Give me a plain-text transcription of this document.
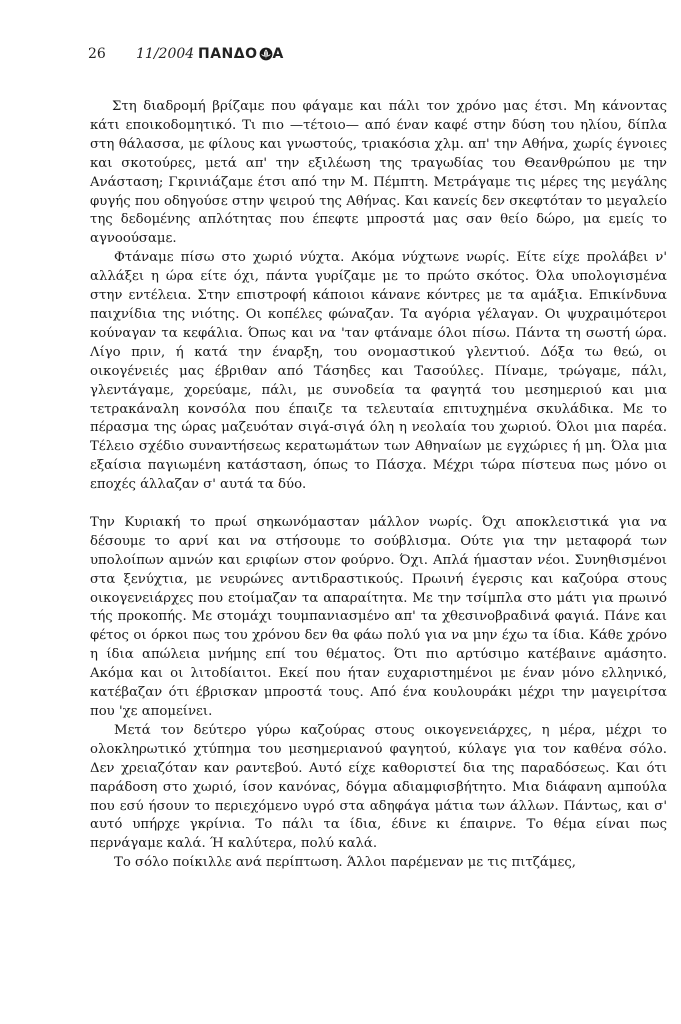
26	11/2004 ΠΑΝΔΟ Α

Στη διαδρομή βρίζαμε που φάγαμε και πάλι τον χρόνο μας έτσι. Μη κάνοντας κάτι εποικοδομητικό. Τι πιο —τέτοιο— από έναν καφέ στην δύση του ηλίου, δίπλα στη θάλασσα, με φίλους και γνωστούς, τριακόσια χλμ. απ' την Αθήνα, χωρίς έγνοιες και σκοτούρες, μετά απ' την εξιλέωση της τραγωδίας του Θεανθρώπου με την Ανάσταση; Γκρινιάζαμε έτσι από την Μ. Πέμπτη. Μετράγαμε τις μέρες της μεγάλης φυγής που οδηγούσε στην ψειρού της Αθήνας. Και κανείς δεν σκεφτόταν το μεγαλείο της δεδομένης απλότητας που έπεφτε μπροστά μας σαν θείο δώρο, μα εμείς το αγνοούσαμε.

Φτάναμε πίσω στο χωριό νύχτα. Ακόμα νύχτωνε νωρίς. Είτε είχε προλάβει ν' αλλάξει η ώρα είτε όχι, πάντα γυρίζαμε με το πρώτο σκότος. Όλα υπολογισμένα στην εντέλεια. Στην επιστροφή κάποιοι κάνανε κόντρες με τα αμάξια. Επικίνδυνα παιχνίδια της νιότης. Οι κοπέλες φώναζαν. Τα αγόρια γέλαγαν. Οι ψυχραιμότεροι κούναγαν τα κεφάλια. Όπως και να 'ταν φτάναμε όλοι πίσω. Πάντα τη σωστή ώρα. Λίγο πριν, ή κατά την έναρξη, του ονομαστικού γλεντιού. Δόξα τω θεώ, οι οικογένειές μας έβριθαν από Τάσηδες και Τασούλες. Πίναμε, τρώγαμε, πάλι, γλεντάγαμε, χορεύαμε, πάλι, με συνοδεία τα φαγητά του μεσημεριού και μια τετρακάναλη κονσόλα που έπαιζε τα τελευταία επιτυχημένα σκυλάδικα. Με το πέρασμα της ώρας μαζευόταν σιγά-σιγά όλη η νεολαία του χωριού. Όλοι μια παρέα. Τέλειο σχέδιο συναντήσεως κερατωμάτων των Αθηναίων με εγχώριες ή μη. Όλα μια εξαίσια παγιωμένη κατάσταση, όπως το Πάσχα. Μέχρι τώρα πίστευα πως μόνο οι εποχές άλλαζαν σ' αυτά τα δύο.

Την Κυριακή το πρωί σηκωνόμασταν μάλλον νωρίς. Όχι αποκλειστικά για να δέσουμε το αρνί και να στήσουμε το σούβλισμα. Ούτε για την μεταφορά των υπολοίπων αμνών και εριφίων στον φούρνο. Όχι. Απλά ήμασταν νέοι. Συνηθισμένοι στα ξενύχτια, με νευρώνες αντιδραστικούς. Πρωινή έγερσις και καζούρα στους οικογενειάρχες που ετοίμαζαν τα απαραίτητα. Με την τσίμπλα στο μάτι για πρωινό τής προκοπής. Με στομάχι τουμπανιασμένο απ' τα χθεσινοβραδινά φαγιά. Πάνε και φέτος οι όρκοι πως του χρόνου δεν θα φάω πολύ για να μην έχω τα ίδια. Κάθε χρόνο η ίδια απώλεια μνήμης επί του θέματος. Ότι πιο αρτύσιμο κατέβαινε αμάσητο. Ακόμα και οι λιτοδίαιτοι. Εκεί που ήταν ευχαριστημένοι με έναν μόνο ελληνικό, κατέβαζαν ότι έβρισκαν μπροστά τους. Από ένα κουλουράκι μέχρι την μαγειρίτσα που 'χε απομείνει.

Μετά τον δεύτερο γύρω καζούρας στους οικογενειάρχες, η μέρα, μέχρι το ολοκληρωτικό χτύπημα του μεσημεριανού φαγητού, κύλαγε για τον καθένα σόλο. Δεν χρειαζόταν καν ραντεβού. Αυτό είχε καθοριστεί δια της παραδόσεως. Και ότι παράδοση στο χωριό, ίσον κανόνας, δόγμα αδιαμφισβήτητο. Μια διάφανη αμπούλα που εσύ ήσουν το περιεχόμενο υγρό στα αδηφάγα μάτια των άλλων. Πάντως, και σ' αυτό υπήρχε γκρίνια. Το πάλι τα ίδια, έδινε κι έπαιρνε. Το θέμα είναι πως περνάγαμε καλά. Ή καλύτερα, πολύ καλά.

Το σόλο ποίκιλλε ανά περίπτωση. Άλλοι παρέμεναν με τις πιτζάμες,
